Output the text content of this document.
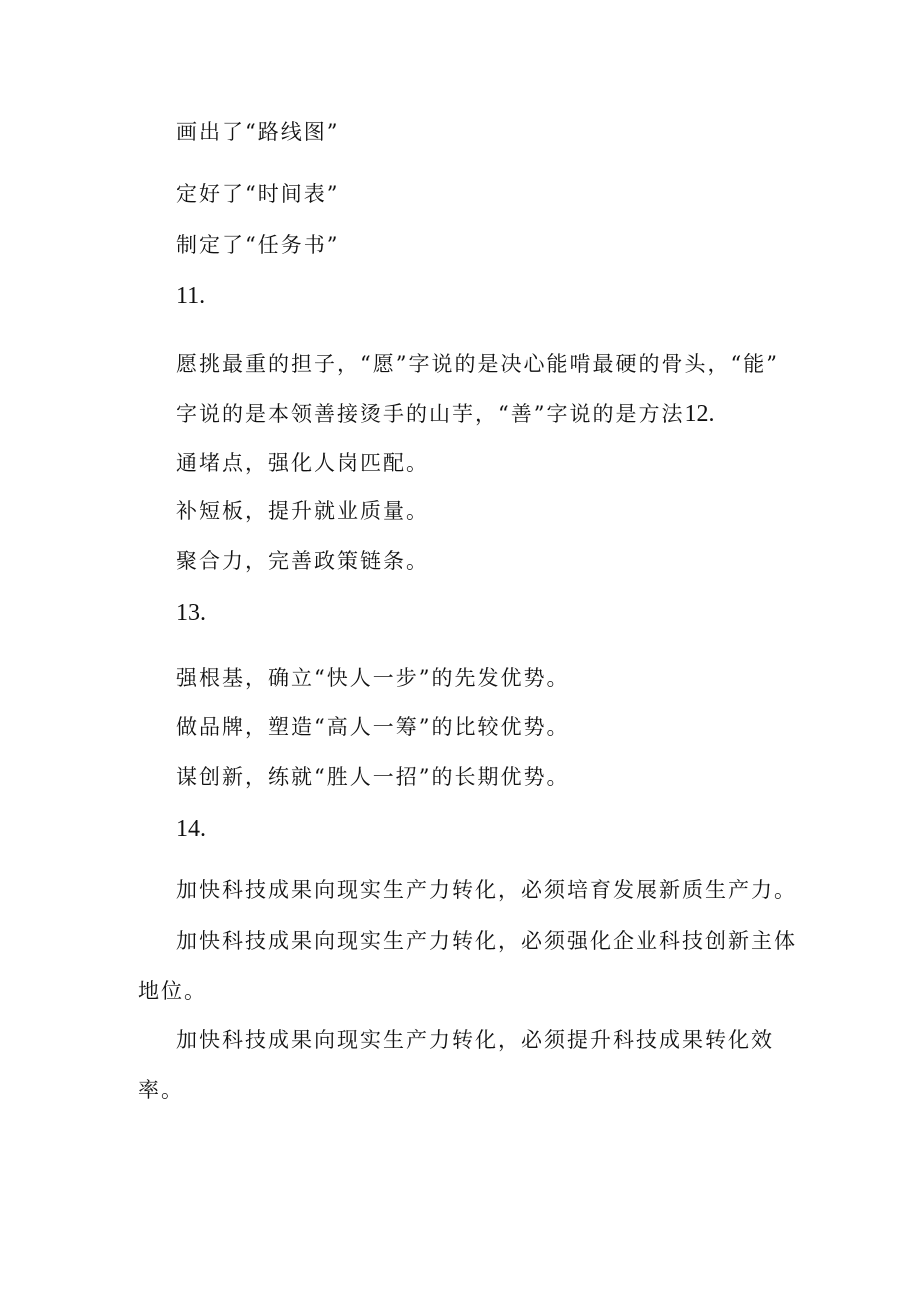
画出了“路线图”
定好了“时间表”
制定了“任务书”
11.
愿挑最重的担子，“愿”字说的是决心能啃最硬的骨头，“能”
字说的是本领善接烫手的山芋，“善”字说的是方法12.
通堵点，强化人岗匹配。
补短板，提升就业质量。
聚合力，完善政策链条。
13.
强根基，确立“快人一步”的先发优势。
做品牌，塑造“高人一筹”的比较优势。
谋创新，练就“胜人一招”的长期优势。
14.
加快科技成果向现实生产力转化，必须培育发展新质生产力。
加快科技成果向现实生产力转化，必须强化企业科技创新主体
地位。
加快科技成果向现实生产力转化，必须提升科技成果转化效
率。
